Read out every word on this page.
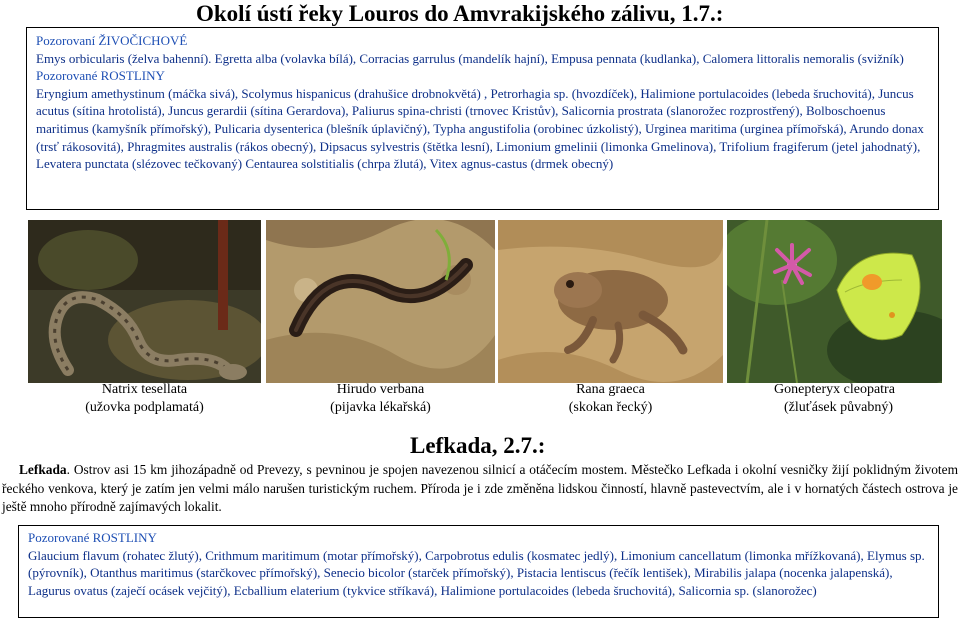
Okolí ústí řeky Louros do Amvrakijského zálivu, 1.7.:

Pozorovaní ŽIVOČICHOVÉ

Emys orbicularis (želva bahenní). Egretta alba (volavka bílá), Corracias garrulus (mandelík hajní), Empusa pennata (kudlanka), Calomera littoralis nemoralis (svižník)

Pozorované ROSTLINY

Eryngium amethystinum (máčka sivá), Scolymus hispanicus (drahušice drobnokvětá) , Petrorhagia sp. (hvozdíček), Halimione portulacoides (lebeda šruchovitá), Juncus acutus (sítina hrotolistá), Juncus gerardii (sítina Gerardova), Paliurus spina-christi (trnovec Kristův), Salicornia prostrata (slanorožec rozprostřený), Bolboschoenus maritimus (kamyšník přímořský), Pulicaria dysenterica (blešník úplavičný), Typha angustifolia (orobinec úzkolistý), Urginea maritima (urginea přímořská), Arundo donax (trsť rákosovitá), Phragmites australis (rákos obecný), Dipsacus sylvestris (štětka lesní), Limonium gmelinii (limonka Gmelinova), Trifolium fragiferum (jetel jahodnatý), Levatera punctata (slézovec tečkovaný) Centaurea solstitialis (chrpa žlutá), Vitex agnus-castus (drmek obecný)

Natrix tesellata
(užovka podplamatá)
Hirudo verbana
(pijavka lékařská)
Rana graeca
(skokan řecký)
Gonepteryx cleopatra
(žluťásek půvabný)
Lefkada, 2.7.:
Lefkada. Ostrov asi 15 km jihozápadně od Prevezy, s pevninou je spojen navezenou silnicí a otáčecím mostem. Městečko Lefkada i okolní vesničky žijí poklidným životem řeckého venkova, který je zatím jen velmi málo narušen turistickým ruchem. Příroda je i zde změněna lidskou činností, hlavně pastevectvím, ale i v hornatých částech ostrova je ještě mnoho přírodně zajímavých lokalit.

Pozorované ROSTLINY

Glaucium flavum (rohatec žlutý), Crithmum maritimum (motar přímořský), Carpobrotus edulis (kosmatec jedlý), Limonium cancellatum (limonka mřížkovaná), Elymus sp. (pýrovník), Otanthus maritimus (starčkovec přímořský), Senecio bicolor (starček přímořský), Pistacia lentiscus (řečík lentišek), Mirabilis jalapa (nocenka jalapenská), Lagurus ovatus (zaječí ocásek vejčitý), Ecballium elaterium (tykvice stříkavá), Halimione portulacoides (lebeda šruchovitá), Salicornia sp. (slanorožec)
